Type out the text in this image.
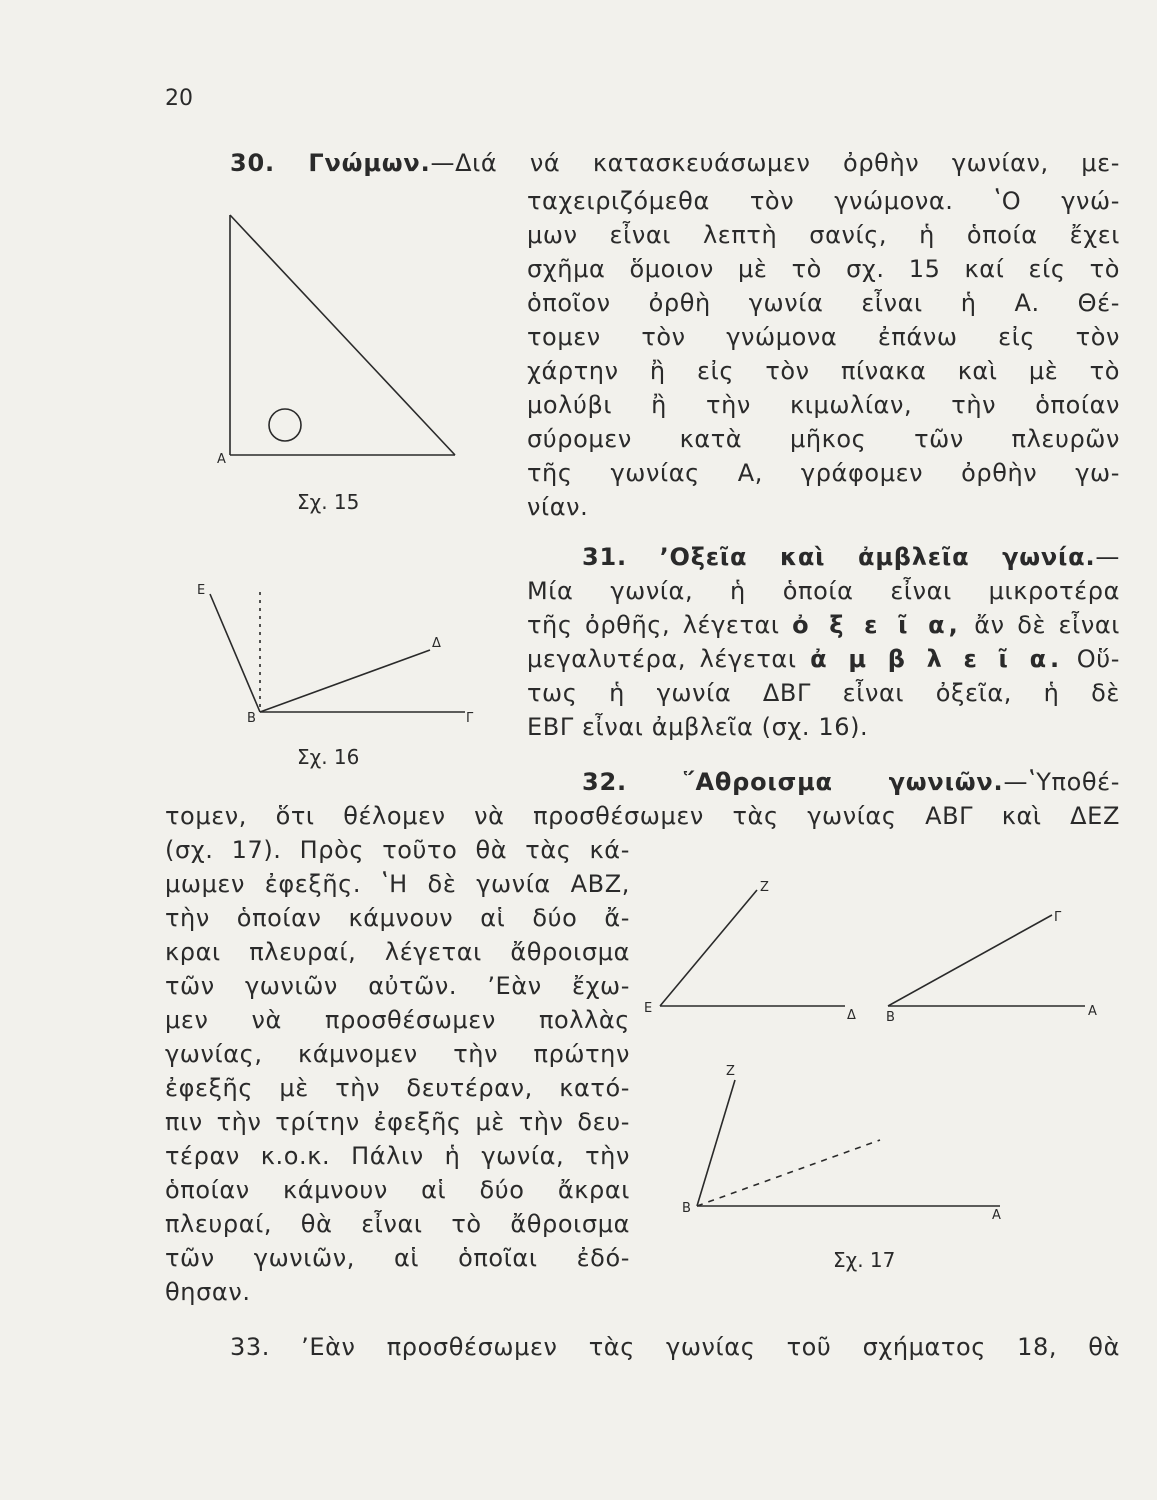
20

30. Γνώμων.—Διά νά κατασκευάσωμεν ὀρθὴν γωνίαν, με-

ταχειριζόμεθα τὸν γνώμονα. ʽΟ γνώ-

μων εἶναι λεπτὴ σανίς, ἡ ὁποία ἔχει

σχῆμα ὅμοιον μὲ τὸ σχ. 15 καί είς τὸ

ὁποῖον ὀρθὴ γωνία εἶναι ἡ Α. Θέ-

τομεν τὸν γνώμονα ἐπάνω εἰς τὸν

χάρτην ἢ εἰς τὸν πίνακα καὶ μὲ τὸ

μολύβι ἢ τὴν κιμωλίαν, τὴν ὁποίαν

σύρομεν κατὰ μῆκος τῶν πλευρῶν

τῆς γωνίας Α, γράφομεν ὀρθὴν γω-

νίαν.

Α
Σχ. 15

31. ʼΟξεῖα καὶ ἀμβλεῖα γωνία.—

Μία γωνία, ἡ ὁποία εἶναι μικροτέρα

τῆς ὀρθῆς, λέγεται ὀ ξ ε ῖ α, ἄν δὲ εἶναι

μεγαλυτέρα, λέγεται ἀ μ β λ ε ῖ α. Οὕ-

τως ἡ γωνία ΔΒΓ εἶναι ὀξεῖα, ἡ δὲ

ΕΒΓ εἶναι ἀμβλεῖα (σχ. 16).

Ε
Δ
Β	Γ
Σχ. 16

32. ῞Αθροισμα γωνιῶν.—ʽΥποθέ-

τομεν, ὅτι θέλομεν νὰ προσθέσωμεν τὰς γωνίας ΑΒΓ καὶ ΔΕΖ

(σχ. 17). Πρὸς τοῦτο θὰ τὰς κά-

μωμεν ἐφεξῆς. ʽΗ δὲ γωνία ΑΒΖ,

τὴν ὁποίαν κάμνουν αἱ δύο ἄ-

κραι πλευραί, λέγεται ἄθροισμα

τῶν γωνιῶν αὐτῶν. ʼΕὰν ἔχω-

μεν νὰ προσθέσωμεν πολλὰς

γωνίας, κάμνομεν τὴν πρώτην

ἐφεξῆς μὲ τὴν δευτέραν, κατό-

πιν τὴν τρίτην ἐφεξῆς μὲ τὴν δευ-

τέραν κ.ο.κ. Πάλιν ἡ γωνία, τὴν

ὁποίαν κάμνουν αἱ δύο ἄκραι

πλευραί, θὰ εἶναι τὸ ἄθροισμα

τῶν γωνιῶν, αἱ ὁποῖαι ἐδό-

θησαν.

Ζ
Ε	Δ
Γ
Β	Α
Ζ
Β	Α
Σχ. 17

33. ʼΕὰν προσθέσωμεν τὰς γωνίας τοῦ σχήματος 18, θὰ
